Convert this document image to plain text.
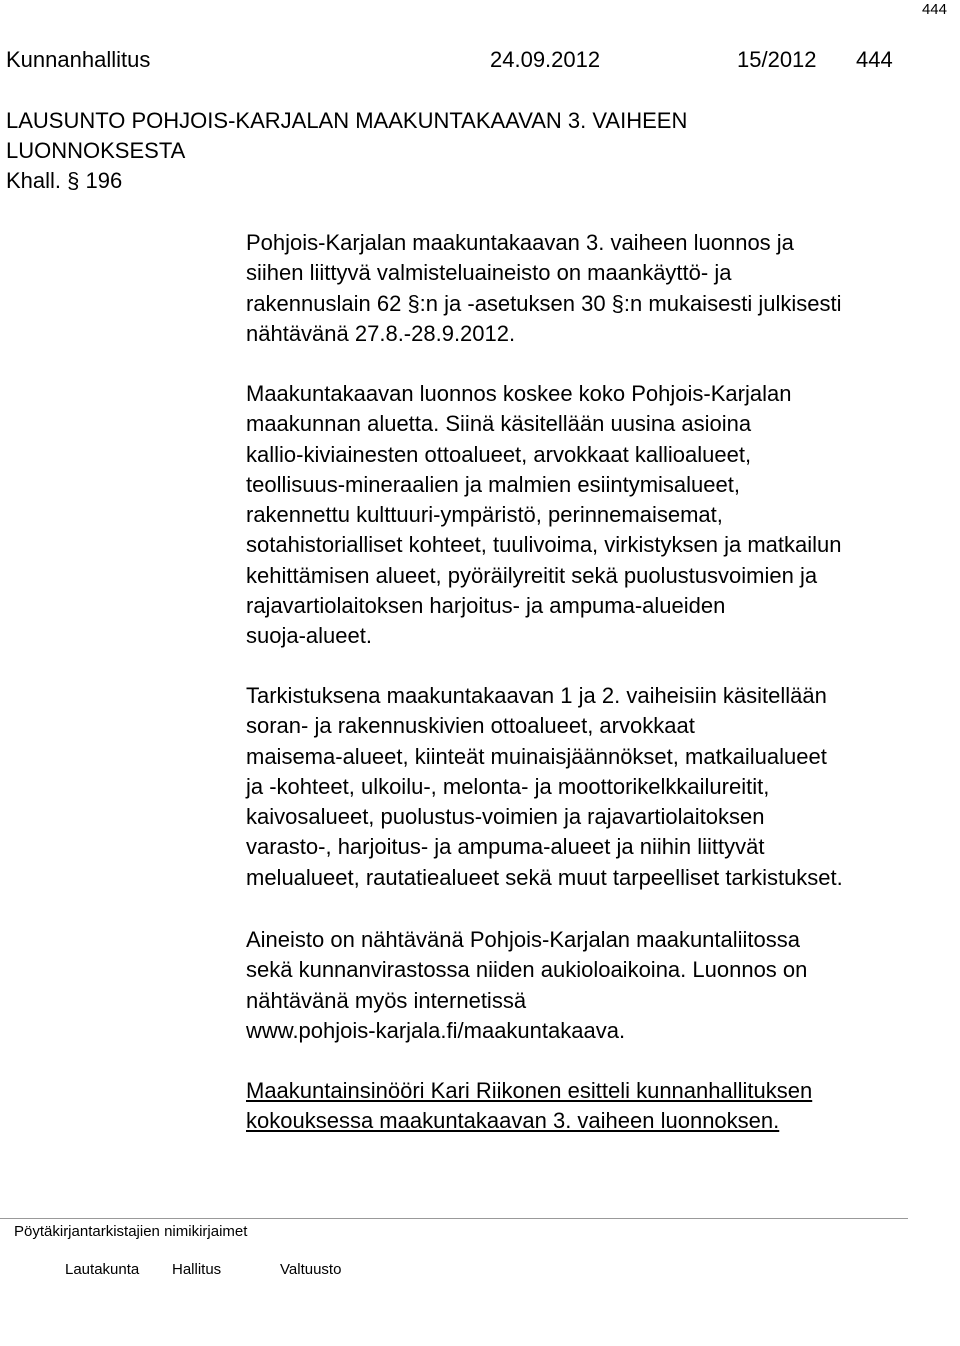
444
Kunnanhallitus	24.09.2012	15/2012 444
LAUSUNTO POHJOIS-KARJALAN MAAKUNTAKAAVAN 3. VAIHEEN
LUONNOKSESTA
Khall. § 196
Pohjois-Karjalan maakuntakaavan 3. vaiheen luonnos ja
siihen liittyvä valmisteluaineisto on maankäyttö- ja
rakennuslain 62 §:n ja -asetuksen 30 §:n mukaisesti julkisesti
nähtävänä 27.8.-28.9.2012.
Maakuntakaavan luonnos koskee koko Pohjois-Karjalan
maakunnan aluetta. Siinä käsitellään uusina asioina
kallio-kiviainesten ottoalueet, arvokkaat kallioalueet,
teollisuus-mineraalien ja malmien esiintymisalueet,
rakennettu kulttuuri-ympäristö, perinnemaisemat,
sotahistorialliset kohteet, tuulivoima, virkistyksen ja matkailun
kehittämisen alueet, pyöräilyreitit sekä puolustusvoimien ja
rajavartiolaitoksen harjoitus- ja ampuma-alueiden
suoja-alueet.
Tarkistuksena maakuntakaavan 1 ja 2. vaiheisiin käsitellään
soran- ja rakennuskivien ottoalueet, arvokkaat
maisema-alueet, kiinteät muinaisjäännökset, matkailualueet
ja -kohteet, ulkoilu-, melonta- ja moottorikelkkailureitit,
kaivosalueet, puolustus-voimien ja rajavartiolaitoksen
varasto-, harjoitus- ja ampuma-alueet ja niihin liittyvät
melualueet, rautatiealueet sekä muut tarpeelliset tarkistukset.
Aineisto on nähtävänä Pohjois-Karjalan maakuntaliitossa
sekä kunnanvirastossa niiden aukioloaikoina. Luonnos on
nähtävänä myös internetissä
www.pohjois-karjala.fi/maakuntakaava.
Maakuntainsinööri Kari Riikonen esitteli kunnanhallituksen
kokouksessa maakuntakaavan 3. vaiheen luonnoksen.
Pöytäkirjantarkistajien nimikirjaimet
Lautakunta Hallitus	Valtuusto
